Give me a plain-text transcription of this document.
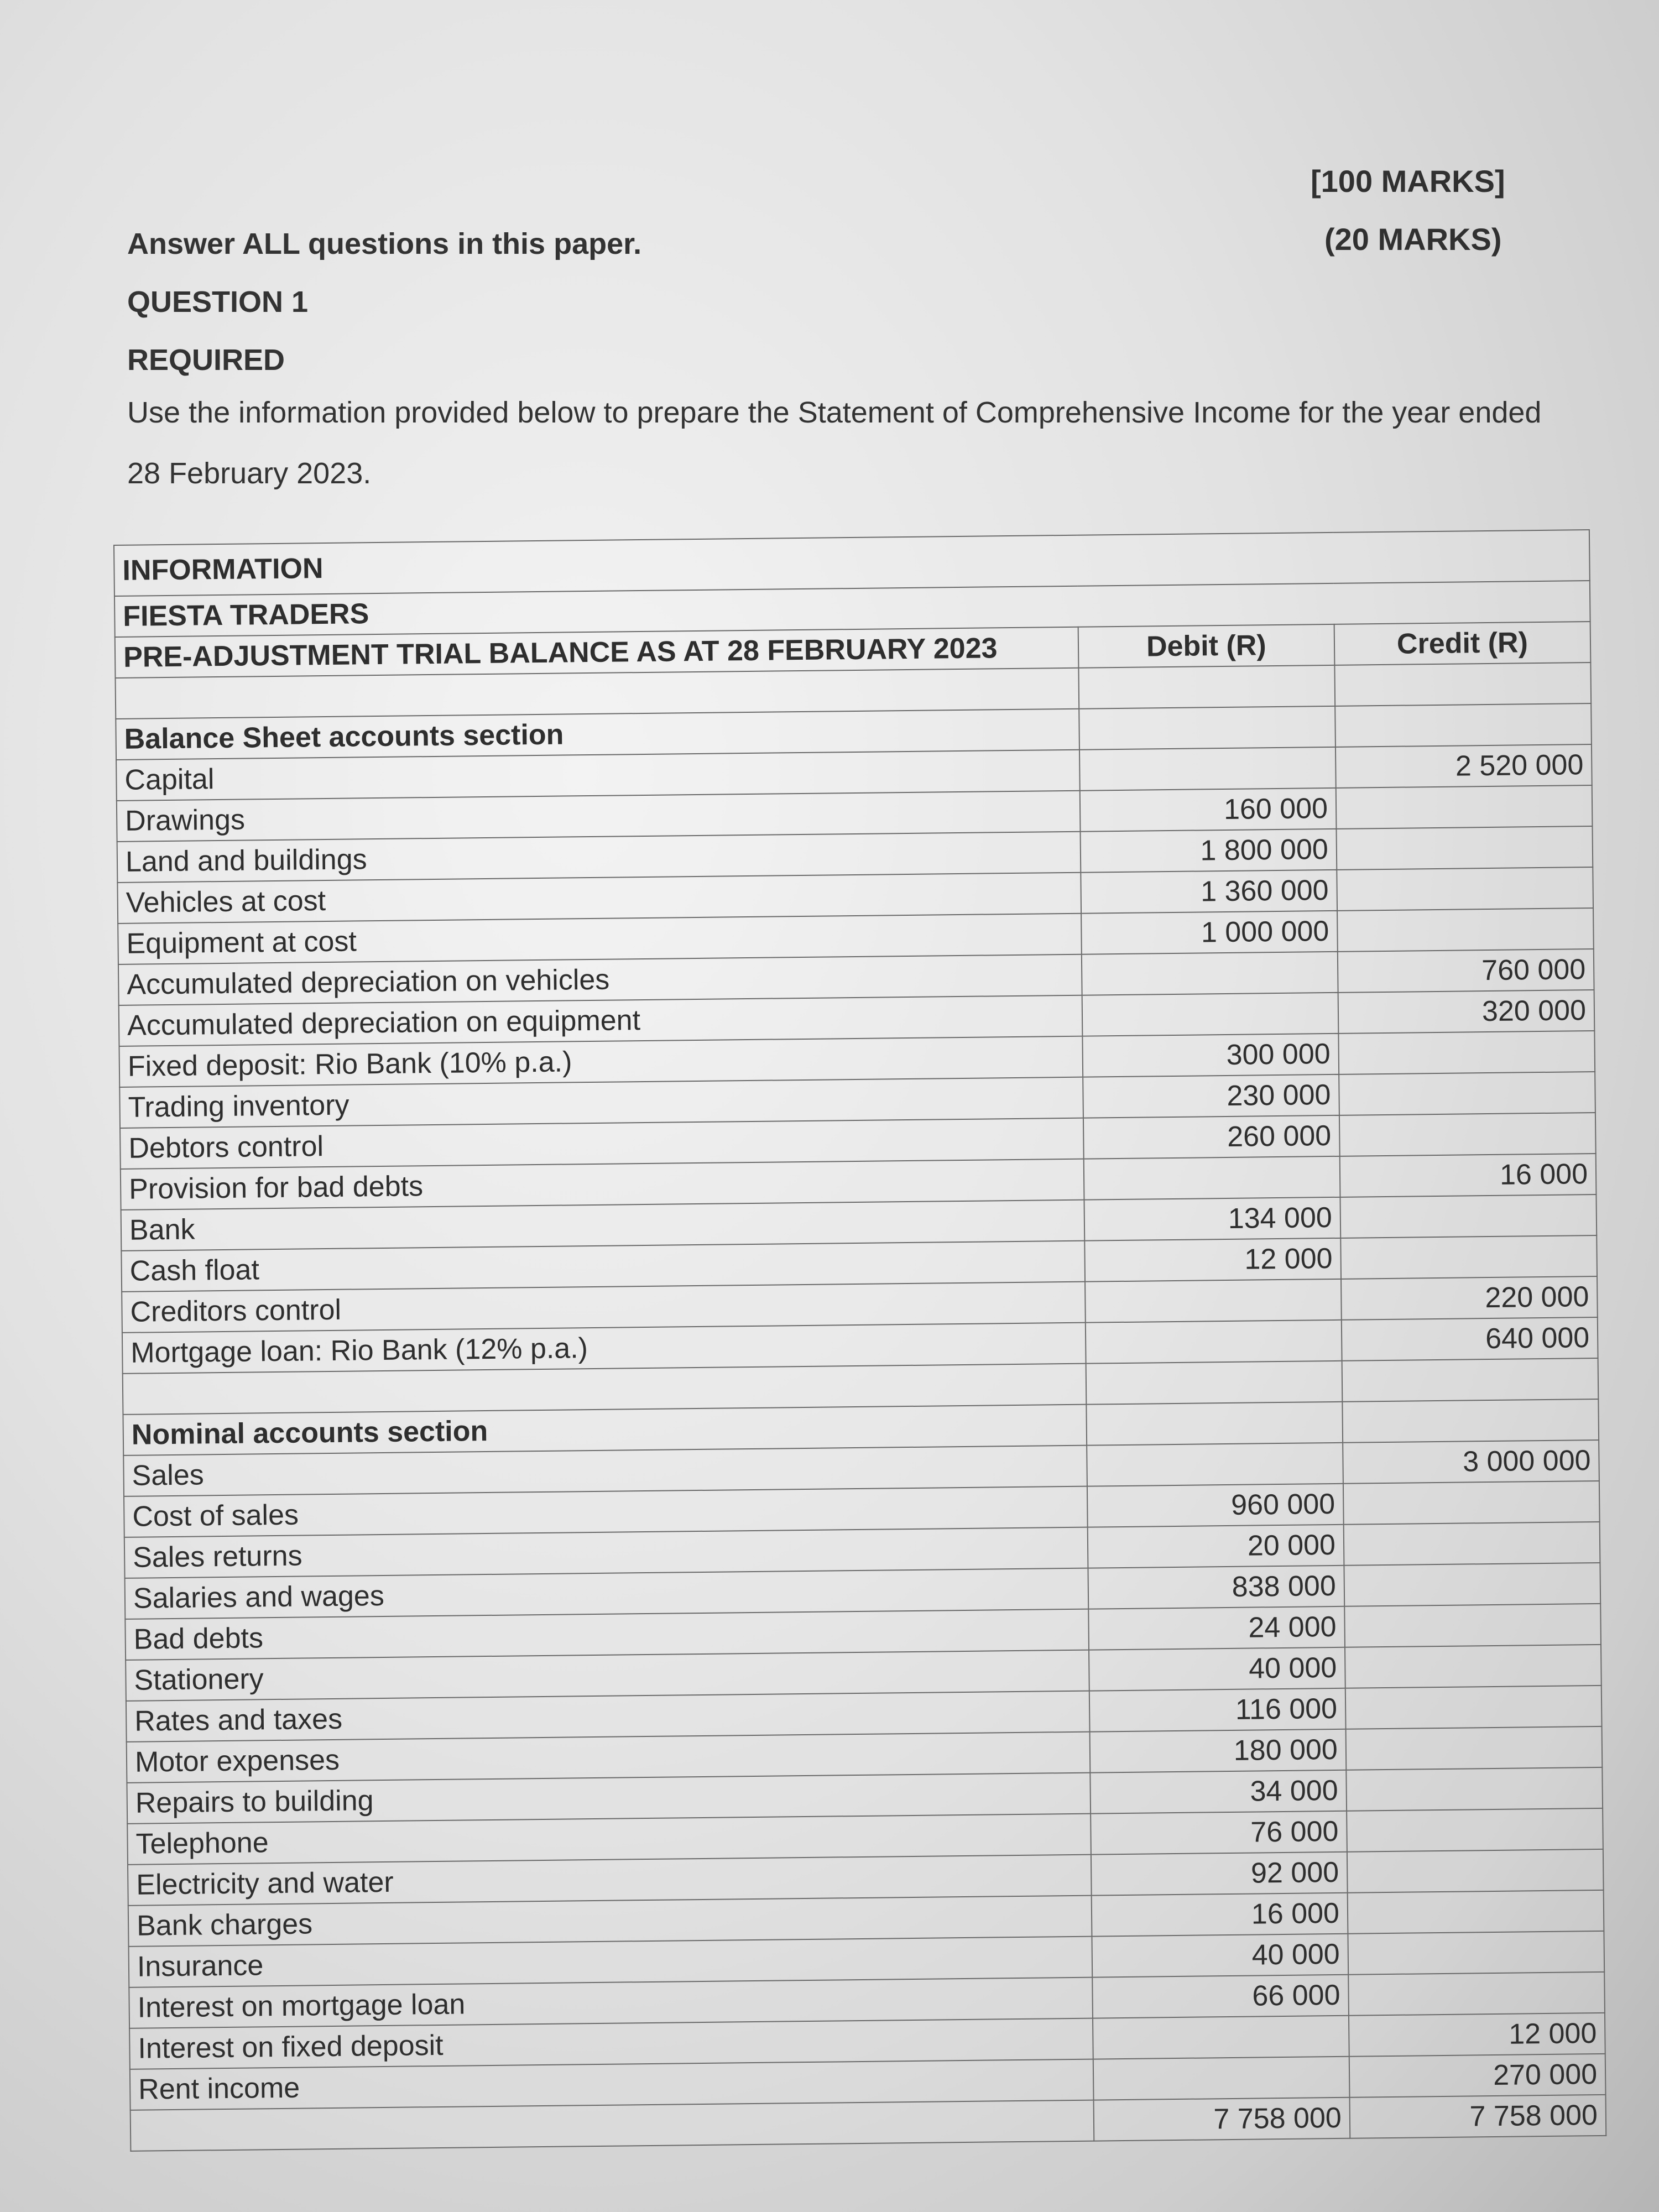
[100 MARKS]
(20 MARKS)
Answer ALL questions in this paper.
QUESTION 1
REQUIRED
Use the information provided below to prepare the Statement of Comprehensive Income for the year ended
28 February 2023.
INFORMATION		
FIESTA TRADERS		
PRE-ADJUSTMENT TRIAL BALANCE AS AT 28 FEBRUARY 2023	Debit (R)	Credit (R)

Balance Sheet accounts section		
Capital		2 520 000
Drawings	160 000	
Land and buildings	1 800 000	
Vehicles at cost	1 360 000	
Equipment at cost	1 000 000	
Accumulated depreciation on vehicles		760 000
Accumulated depreciation on equipment		320 000
Fixed deposit: Rio Bank (10% p.a.)	300 000	
Trading inventory	230 000	
Debtors control	260 000	
Provision for bad debts		16 000
Bank	134 000	
Cash float	12 000	
Creditors control		220 000
Mortgage loan: Rio Bank (12% p.a.)		640 000

Nominal accounts section		
Sales		3 000 000
Cost of sales	960 000	
Sales returns	20 000	
Salaries and wages	838 000	
Bad debts	24 000	
Stationery	40 000	
Rates and taxes	116 000	
Motor expenses	180 000	
Repairs to building	34 000	
Telephone	76 000	
Electricity and water	92 000	
Bank charges	16 000	
Insurance	40 000	
Interest on mortgage loan	66 000	
Interest on fixed deposit		12 000
Rent income		270 000
	7 758 000	7 758 000
